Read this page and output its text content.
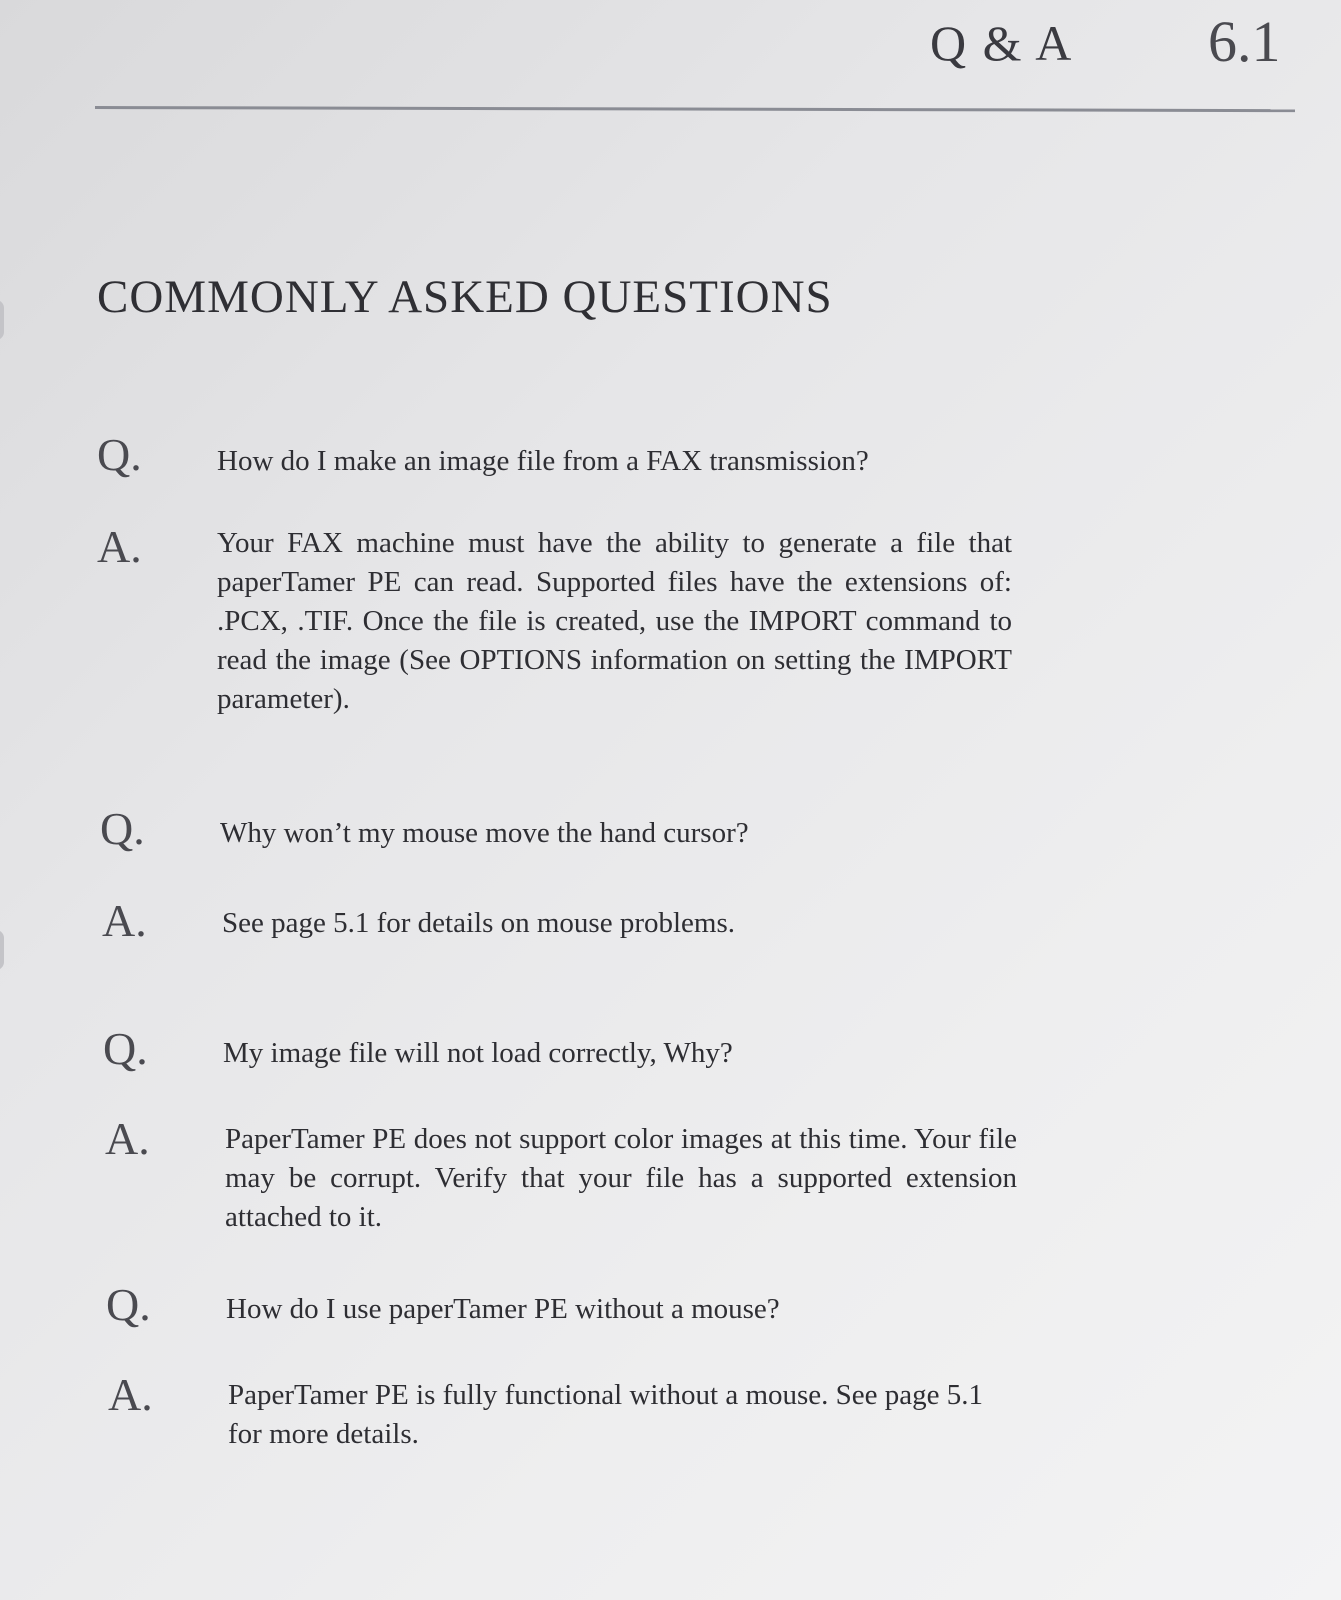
Q & A 6.1
COMMONLY ASKED QUESTIONS
Q.	How do I make an image file from a FAX transmission?
A.	Your FAX machine must have the ability to generate a file that paperTamer PE can read. Supported files have the extensions of: .PCX, .TIF. Once the file is created, use the IMPORT command to read the image (See OPTIONS information on setting the IMPORT parameter).
Q.	Why won’t my mouse move the hand cursor?
A.	See page 5.1 for details on mouse problems.
Q.	My image file will not load correctly, Why?
A.	PaperTamer PE does not support color images at this time. Your file may be corrupt. Verify that your file has a supported extension attached to it.
Q.	How do I use paperTamer PE without a mouse?
A.	PaperTamer PE is fully functional without a mouse. See page 5.1 for more details.
